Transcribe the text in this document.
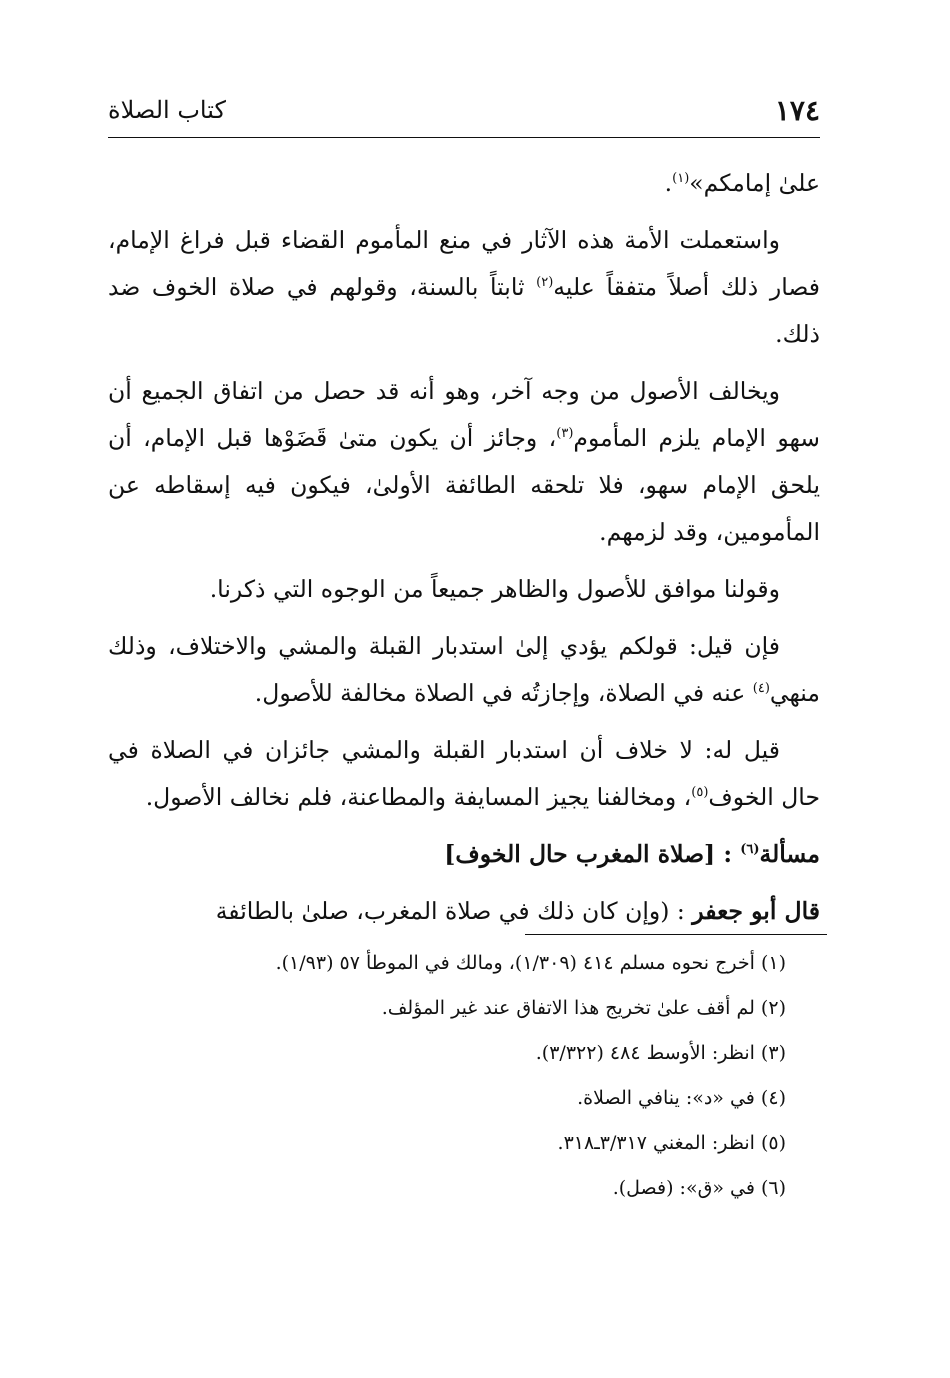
كتاب الصلاة	١٧٤

علىٰ إمامكم»$^{(١)}$.

واستعملت الأمة هذه الآثار في منع المأموم القضاء قبل فراغ الإمام، فصار ذلك أصلاً متفقاً عليه$^{(٢)}$ ثابتاً بالسنة، وقولهم في صلاة الخوف ضد ذلك.

ويخالف الأصول من وجه آخر، وهو أنه قد حصل من اتفاق الجميع أن سهو الإمام يلزم المأموم$^{(٣)}$، وجائز أن يكون متىٰ قَضَوْها قبل الإمام، أن يلحق الإمام سهو، فلا تلحقه الطائفة الأولىٰ، فيكون فيه إسقاطه عن المأمومين، وقد لزمهم.

وقولنا موافق للأصول والظاهر جميعاً من الوجوه التي ذكرنا.

فإن قيل: قولكم يؤدي إلىٰ استدبار القبلة والمشي والاختلاف، وذلك منهي$^{(٤)}$ عنه في الصلاة، وإجازتُه في الصلاة مخالفة للأصول.

قيل له: لا خلاف أن استدبار القبلة والمشي جائزان في الصلاة في حال الخوف$^{(٥)}$، ومخالفنا يجيز المسايفة والمطاعنة، فلم نخالف الأصول.

مسألة$^{(٦)}$ : [صلاة المغرب حال الخوف]

قال أبو جعفر : (وإن كان ذلك في صلاة المغرب، صلىٰ بالطائفة

(١) أخرج نحوه مسلم ٤١٤ (١/٣٠٩)، ومالك في الموطأ ٥٧ (١/٩٣).
(٢) لم أقف علىٰ تخريج هذا الاتفاق عند غير المؤلف.
(٣) انظر: الأوسط ٤٨٤ (٣/٣٢٢).
(٤) في «د»: ينافي الصلاة.
(٥) انظر: المغني ٣/٣١٧ـ٣١٨.
(٦) في «ق»: (فصل).
